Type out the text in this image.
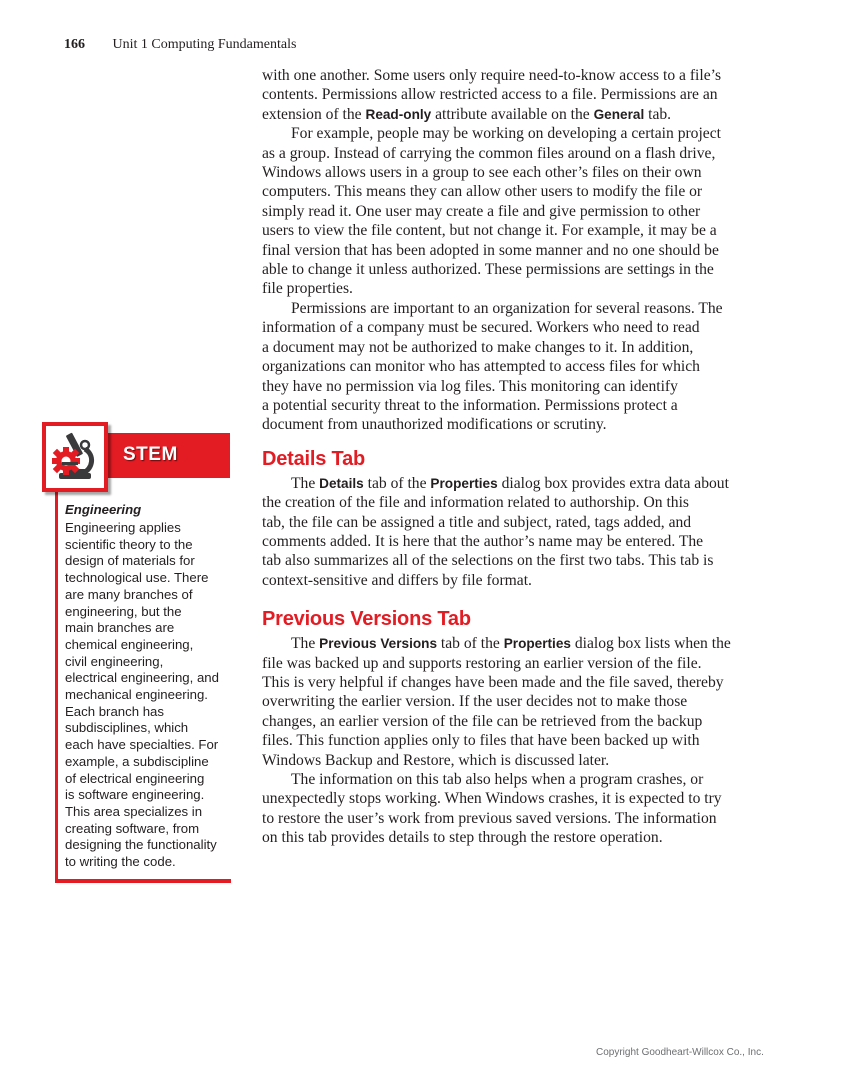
166 Unit 1 Computing Fundamentals

with one another. Some users only require need-to-know access to a file’s
contents. Permissions allow restricted access to a file. Permissions are an
extension of the Read-only attribute available on the General tab.

For example, people may be working on developing a certain project
as a group. Instead of carrying the common files around on a flash drive,
Windows allows users in a group to see each other’s files on their own
computers. This means they can allow other users to modify the file or
simply read it. One user may create a file and give permission to other
users to view the file content, but not change it. For example, it may be a
final version that has been adopted in some manner and no one should be
able to change it unless authorized. These permissions are settings in the
file properties.

Permissions are important to an organization for several reasons. The
information of a company must be secured. Workers who need to read
a document may not be authorized to make changes to it. In addition,
organizations can monitor who has attempted to access files for which
they have no permission via log files. This monitoring can identify
a potential security threat to the information. Permissions protect a
document from unauthorized modifications or scrutiny.

Details Tab

The Details tab of the Properties dialog box provides extra data about
the creation of the file and information related to authorship. On this
tab, the file can be assigned a title and subject, rated, tags added, and
comments added. It is here that the author’s name may be entered. The
tab also summarizes all of the selections on the first two tabs. This tab is
context-sensitive and differs by file format.

Previous Versions Tab

The Previous Versions tab of the Properties dialog box lists when the
file was backed up and supports restoring an earlier version of the file.
This is very helpful if changes have been made and the file saved, thereby
overwriting the earlier version. If the user decides not to make those
changes, an earlier version of the file can be retrieved from the backup
files. This function applies only to files that have been backed up with
Windows Backup and Restore, which is discussed later.

The information on this tab also helps when a program crashes, or
unexpectedly stops working. When Windows crashes, it is expected to try
to restore the user’s work from previous saved versions. The information
on this tab provides details to step through the restore operation.

STEM
Engineering
Engineering applies
scientific theory to the
design of materials for
technological use. There
are many branches of
engineering, but the
main branches are
chemical engineering,
civil engineering,
electrical engineering, and
mechanical engineering.
Each branch has
subdisciplines, which
each have specialties. For
example, a subdiscipline
of electrical engineering
is software engineering.
This area specializes in
creating software, from
designing the functionality
to writing the code.
Copyright Goodheart-Willcox Co., Inc.
